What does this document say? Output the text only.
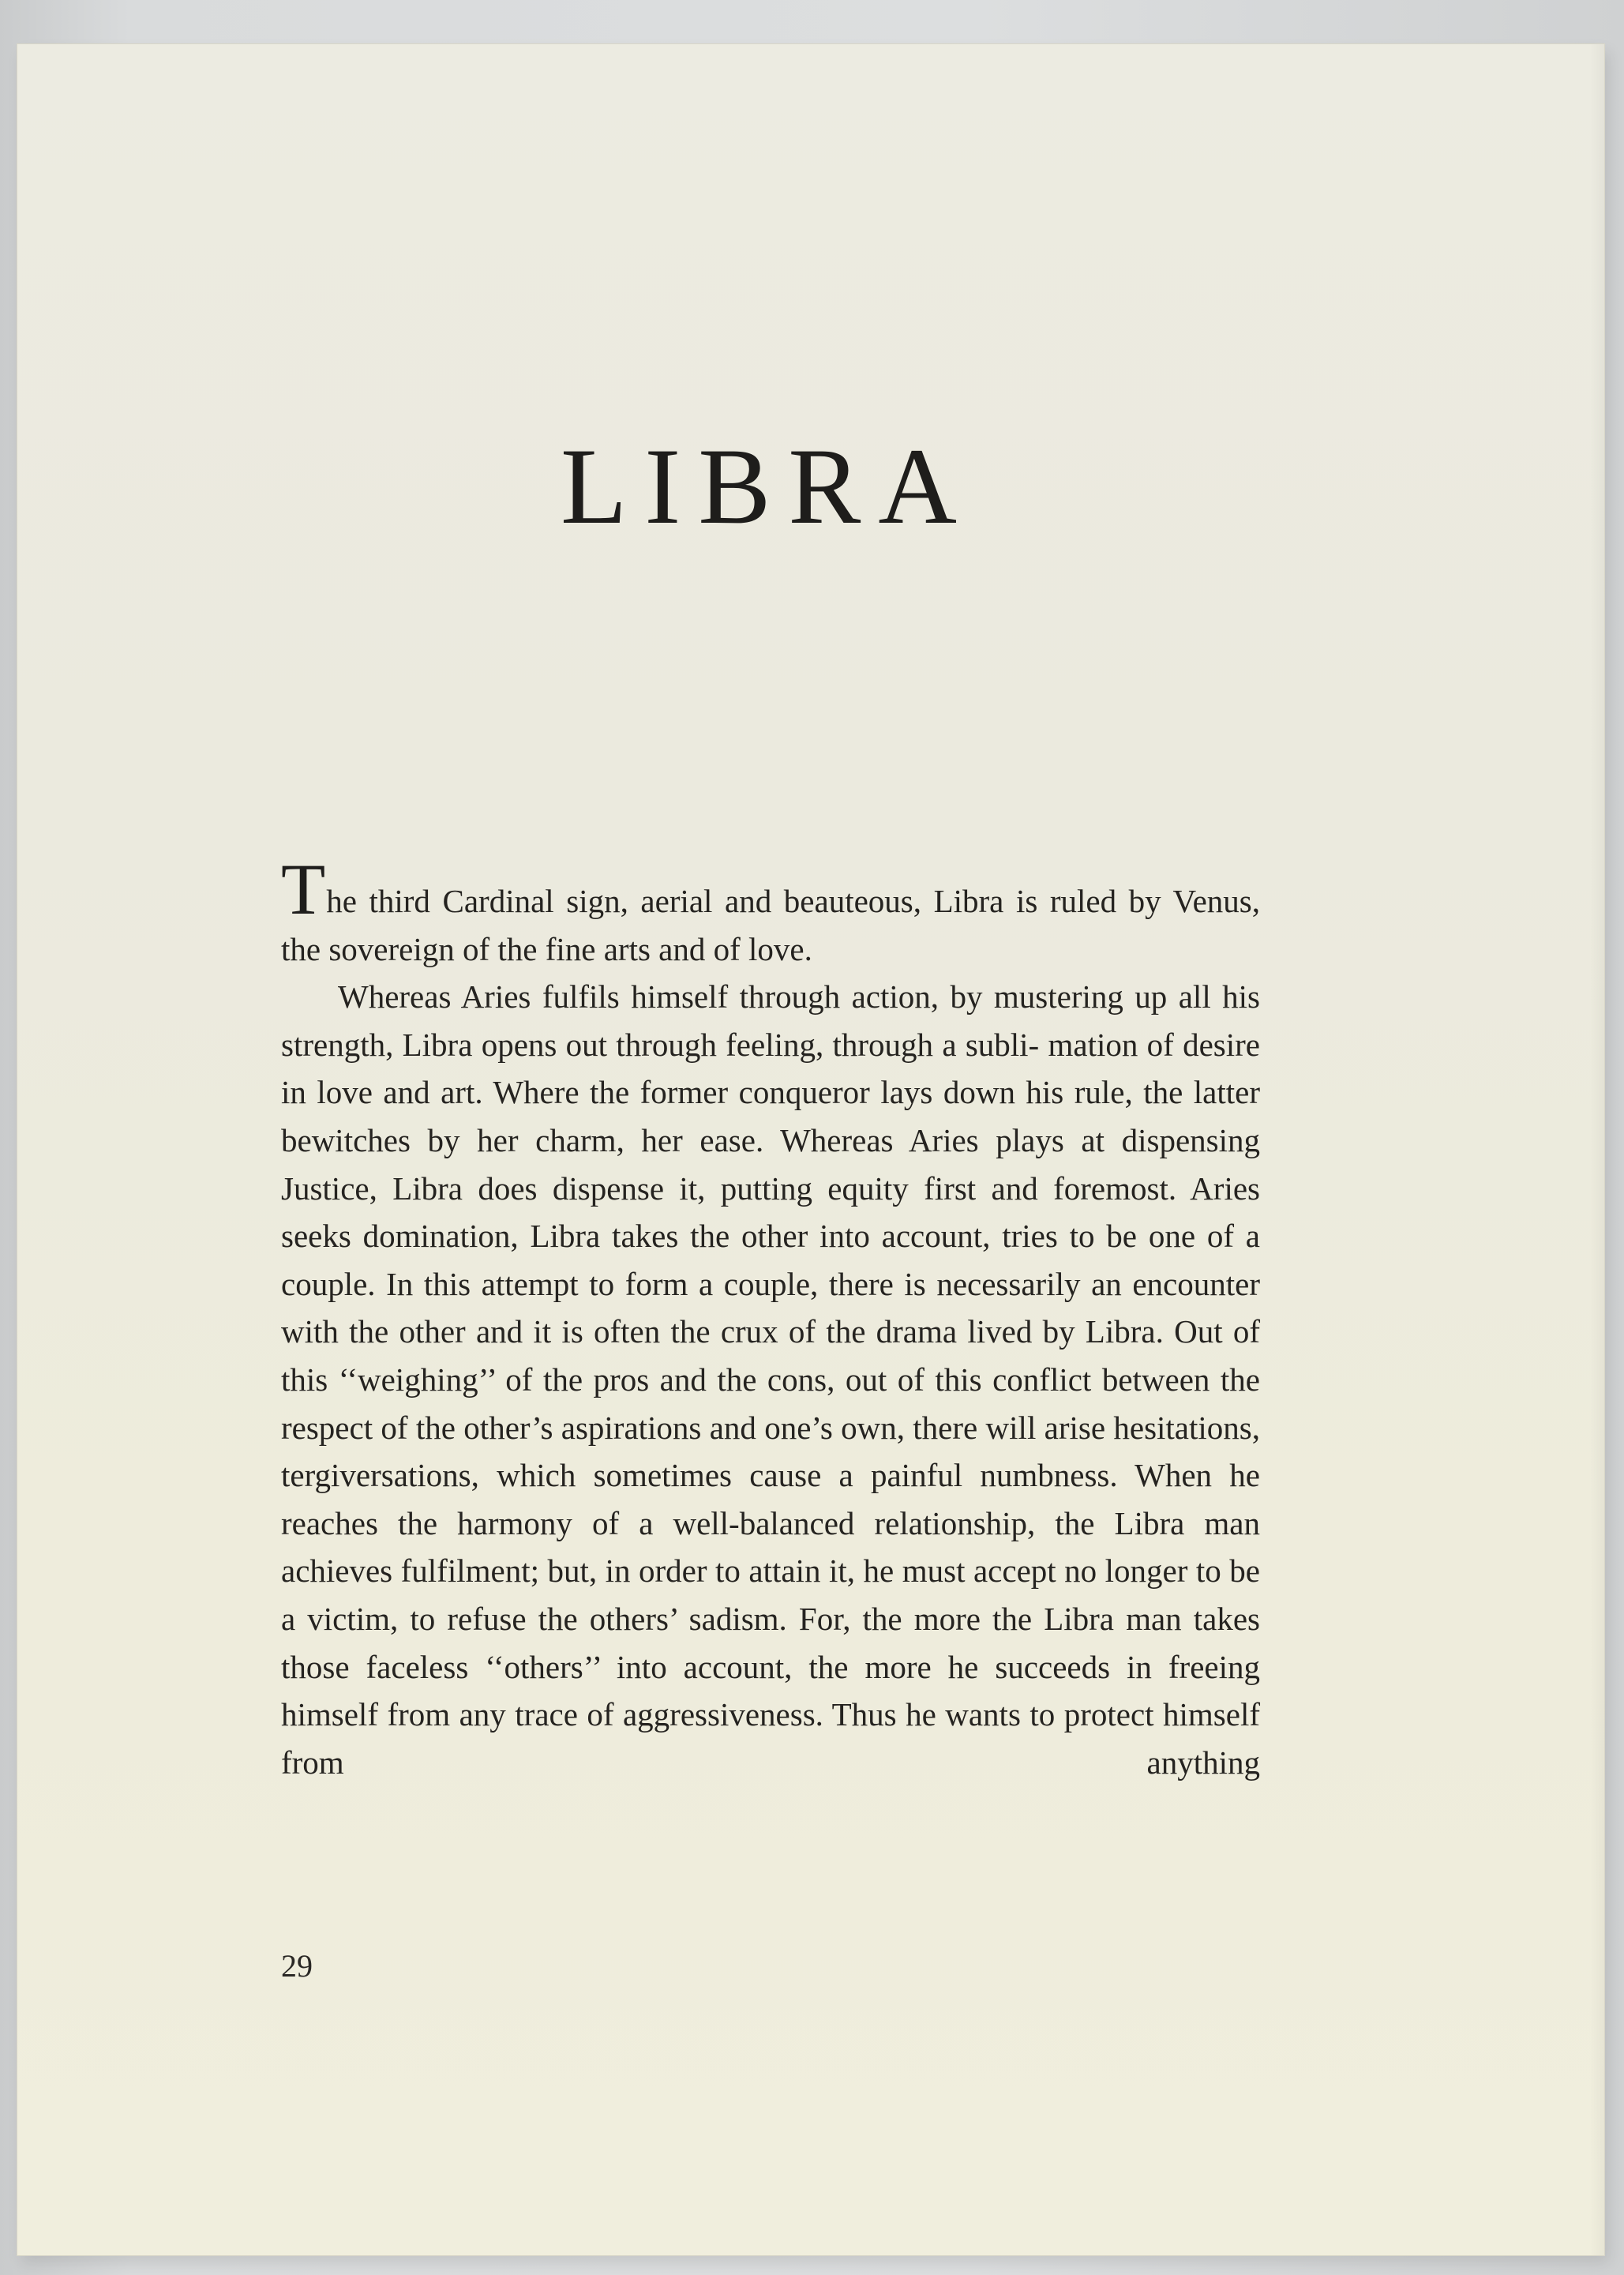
LIBRA

The third Cardinal sign, aerial and beauteous, Libra is ruled by Venus, the sovereign of the fine arts and of love.

Whereas Aries fulfils himself through action, by mustering up all his strength, Libra opens out through feeling, through a subli- mation of desire in love and art. Where the former conqueror lays down his rule, the latter bewitches by her charm, her ease. Whereas Aries plays at dispensing Justice, Libra does dispense it, putting equity first and foremost. Aries seeks domination, Libra takes the other into account, tries to be one of a couple. In this attempt to form a couple, there is necessarily an encounter with the other and it is often the crux of the drama lived by Libra. Out of this ‘‘weighing’’ of the pros and the cons, out of this conflict between the respect of the other’s aspirations and one’s own, there will arise hesitations, tergiversations, which sometimes cause a painful numbness. When he reaches the harmony of a well-balanced relationship, the Libra man achieves fulfilment; but, in order to attain it, he must accept no longer to be a victim, to refuse the others’ sadism. For, the more the Libra man takes those faceless ‘‘others’’ into account, the more he succeeds in freeing himself from any trace of aggressiveness. Thus he wants to protect himself from anything

29
